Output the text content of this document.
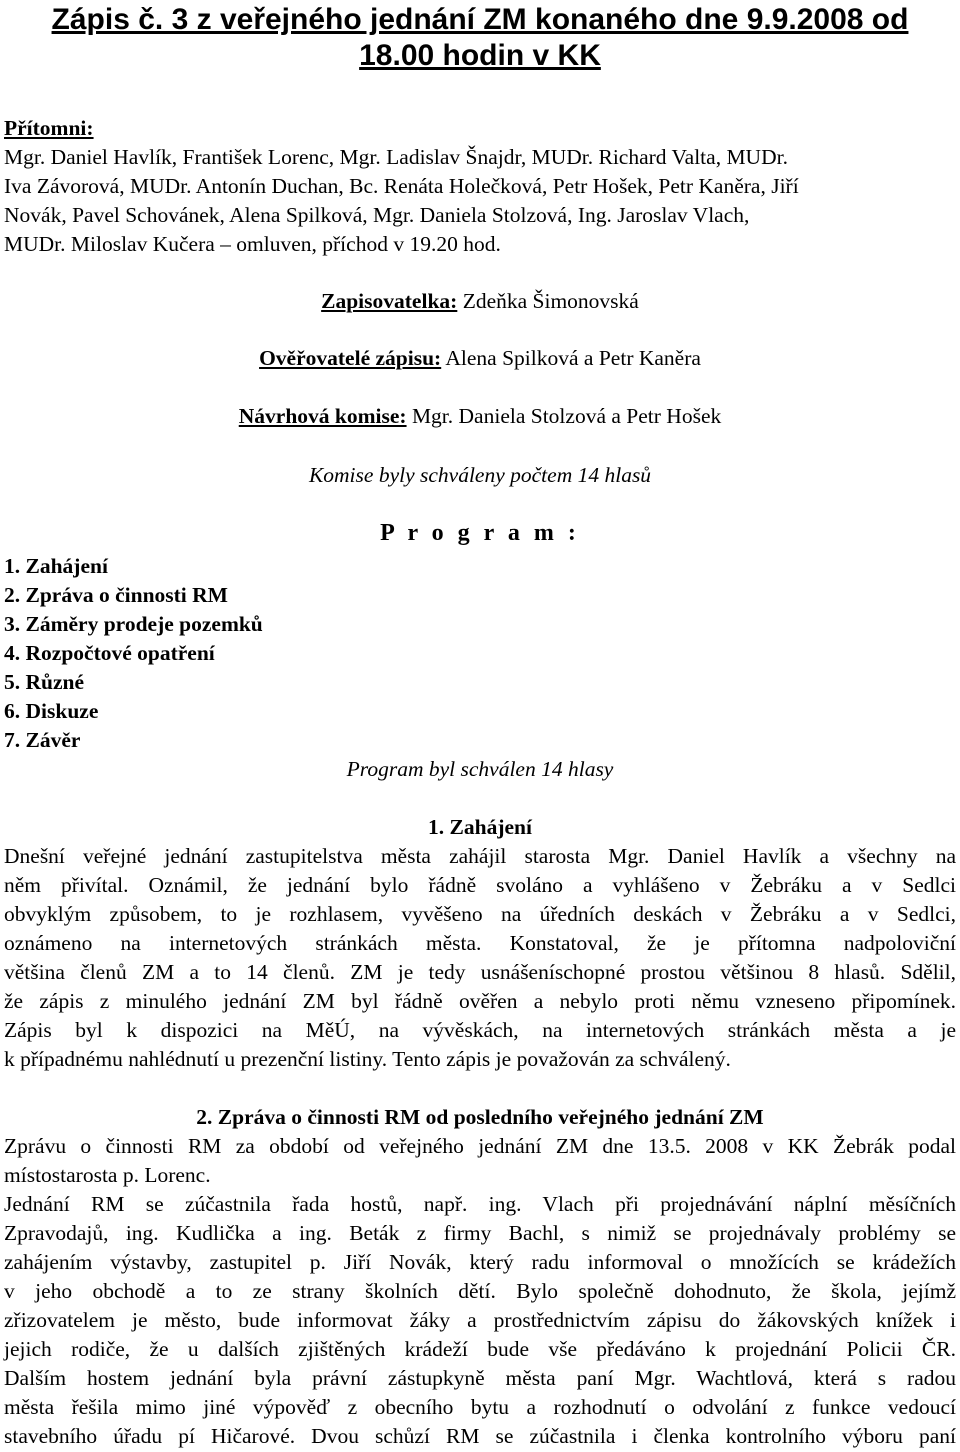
Zápis č. 3 z veřejného jednání ZM konaného dne 9.9.2008 od
18.00 hodin v KK
Přítomni:
Mgr. Daniel Havlík, František Lorenc, Mgr. Ladislav Šnajdr, MUDr. Richard Valta, MUDr.
Iva Závorová, MUDr. Antonín Duchan, Bc. Renáta Holečková, Petr Hošek, Petr Kaněra, Jiří
Novák, Pavel Schovánek, Alena Spilková, Mgr. Daniela Stolzová, Ing. Jaroslav Vlach,
MUDr. Miloslav Kučera – omluven, příchod v 19.20 hod.
Zapisovatelka: Zdeňka Šimonovská
Ověřovatelé zápisu: Alena Spilková a Petr Kaněra
Návrhová komise: Mgr. Daniela Stolzová a Petr Hošek
Komise byly schváleny počtem 14 hlasů
P r o g r a m :
1. Zahájení
2. Zpráva o činnosti RM
3. Záměry prodeje pozemků
4. Rozpočtové opatření
5. Různé
6. Diskuze
7. Závěr
Program byl schválen 14 hlasy
1. Zahájení
Dnešní veřejné jednání zastupitelstva města zahájil starosta Mgr. Daniel Havlík a všechny na
něm přivítal. Oznámil, že jednání bylo řádně svoláno a vyhlášeno v Žebráku a v Sedlci
obvyklým způsobem, to je rozhlasem, vyvěšeno na úředních deskách v Žebráku a v Sedlci,
oznámeno na internetových stránkách města. Konstatoval, že je přítomna nadpoloviční
většina členů ZM a to 14 členů. ZM je tedy usnášeníschopné prostou většinou 8 hlasů. Sdělil,
že zápis z minulého jednání ZM byl řádně ověřen a nebylo proti němu vzneseno připomínek.
Zápis byl k dispozici na MěÚ, na vývěskách, na internetových stránkách města a je
k případnému nahlédnutí u prezenční listiny. Tento zápis je považován za schválený.
2. Zpráva o činnosti RM od posledního veřejného jednání ZM
Zprávu o činnosti RM za období od veřejného jednání ZM dne 13.5. 2008 v KK Žebrák podal
místostarosta p. Lorenc.
Jednání RM se zúčastnila řada hostů, např. ing. Vlach při projednávání náplní měsíčních
Zpravodajů, ing. Kudlička a ing. Beták z firmy Bachl, s nimiž se projednávaly problémy se
zahájením výstavby, zastupitel p. Jiří Novák, který radu informoval o množících se krádežích
v jeho obchodě a to ze strany školních dětí. Bylo společně dohodnuto, že škola, jejímž
zřizovatelem je město, bude informovat žáky a prostřednictvím zápisu do žákovských knížek i
jejich rodiče, že u dalších zjištěných krádeží bude vše předáváno k projednání Policii ČR.
Dalším hostem jednání byla právní zástupkyně města paní Mgr. Wachtlová, která s radou
města řešila mimo jiné výpověď z obecního bytu a rozhodnutí o odvolání z funkce vedoucí
stavebního úřadu pí Hičarové. Dvou schůzí RM se zúčastnila i členka kontrolního výboru paní
